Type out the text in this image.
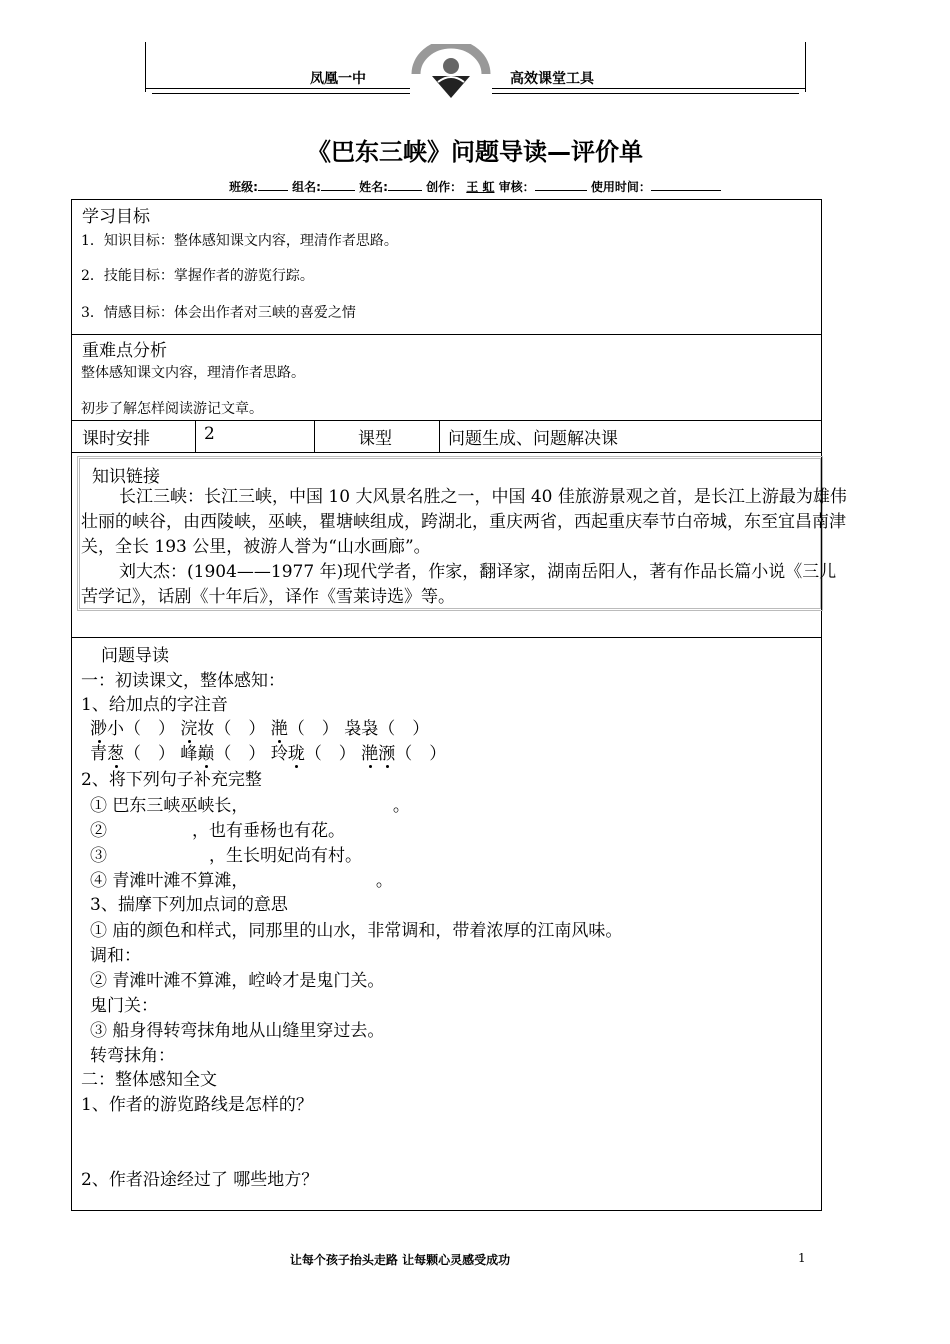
凤凰一中	高效课堂工具
《巴东三峡》问题导读—评价单
班级:	组名:	姓名:	创作： 王 虹 审核：	使用时间：
学习目标
1．知识目标：整体感知课文内容，理清作者思路。
2．技能目标：掌握作者的游览行踪。
3．情感目标：体会出作者对三峡的喜爱之情
重难点分析
整体感知课文内容，理清作者思路。
初步了解怎样阅读游记文章。
课时安排	2	课型	问题生成、问题解决课
知识链接
长江三峡：长江三峡，中国 10 大风景名胜之一，中国 40 佳旅游景观之首，是长江上游最为雄伟壮丽的峡谷，由西陵峡，巫峡，瞿塘峡组成，跨湖北，重庆两省，西起重庆奉节白帝城，东至宜昌南津关，全长 193 公里，被游人誉为“山水画廊”。
刘大杰：(1904——1977 年)现代学者，作家，翻译家，湖南岳阳人，著有作品长篇小说《三儿苦学记》，话剧《十年后》，译作《雪莱诗选》等。
问题导读
一：初读课文，整体感知：
1、给加点的字注音
渺小（　） 浣妆（　） 滟（　） 袅袅（　）
青葱（　） 峰巅（　） 玲珑（　） 滟滪（　）
2、将下列句子补充完整
① 巴东三峡巫峡长，　　　　　　　　　。
②　　　　　，也有垂杨也有花。
③　　　　　　，生长明妃尚有村。
④ 青滩叶滩不算滩，　　　　　　　　。
3、揣摩下列加点词的意思
① 庙的颜色和样式，同那里的山水，非常调和，带着浓厚的江南风味。
调和：
② 青滩叶滩不算滩，崆岭才是鬼门关。
鬼门关：
③ 船身得转弯抹角地从山缝里穿过去。
转弯抹角：
二：整体感知全文
1、作者的游览路线是怎样的？
2、作者沿途经过了 哪些地方？
让每个孩子抬头走路 让每颗心灵感受成功	1
